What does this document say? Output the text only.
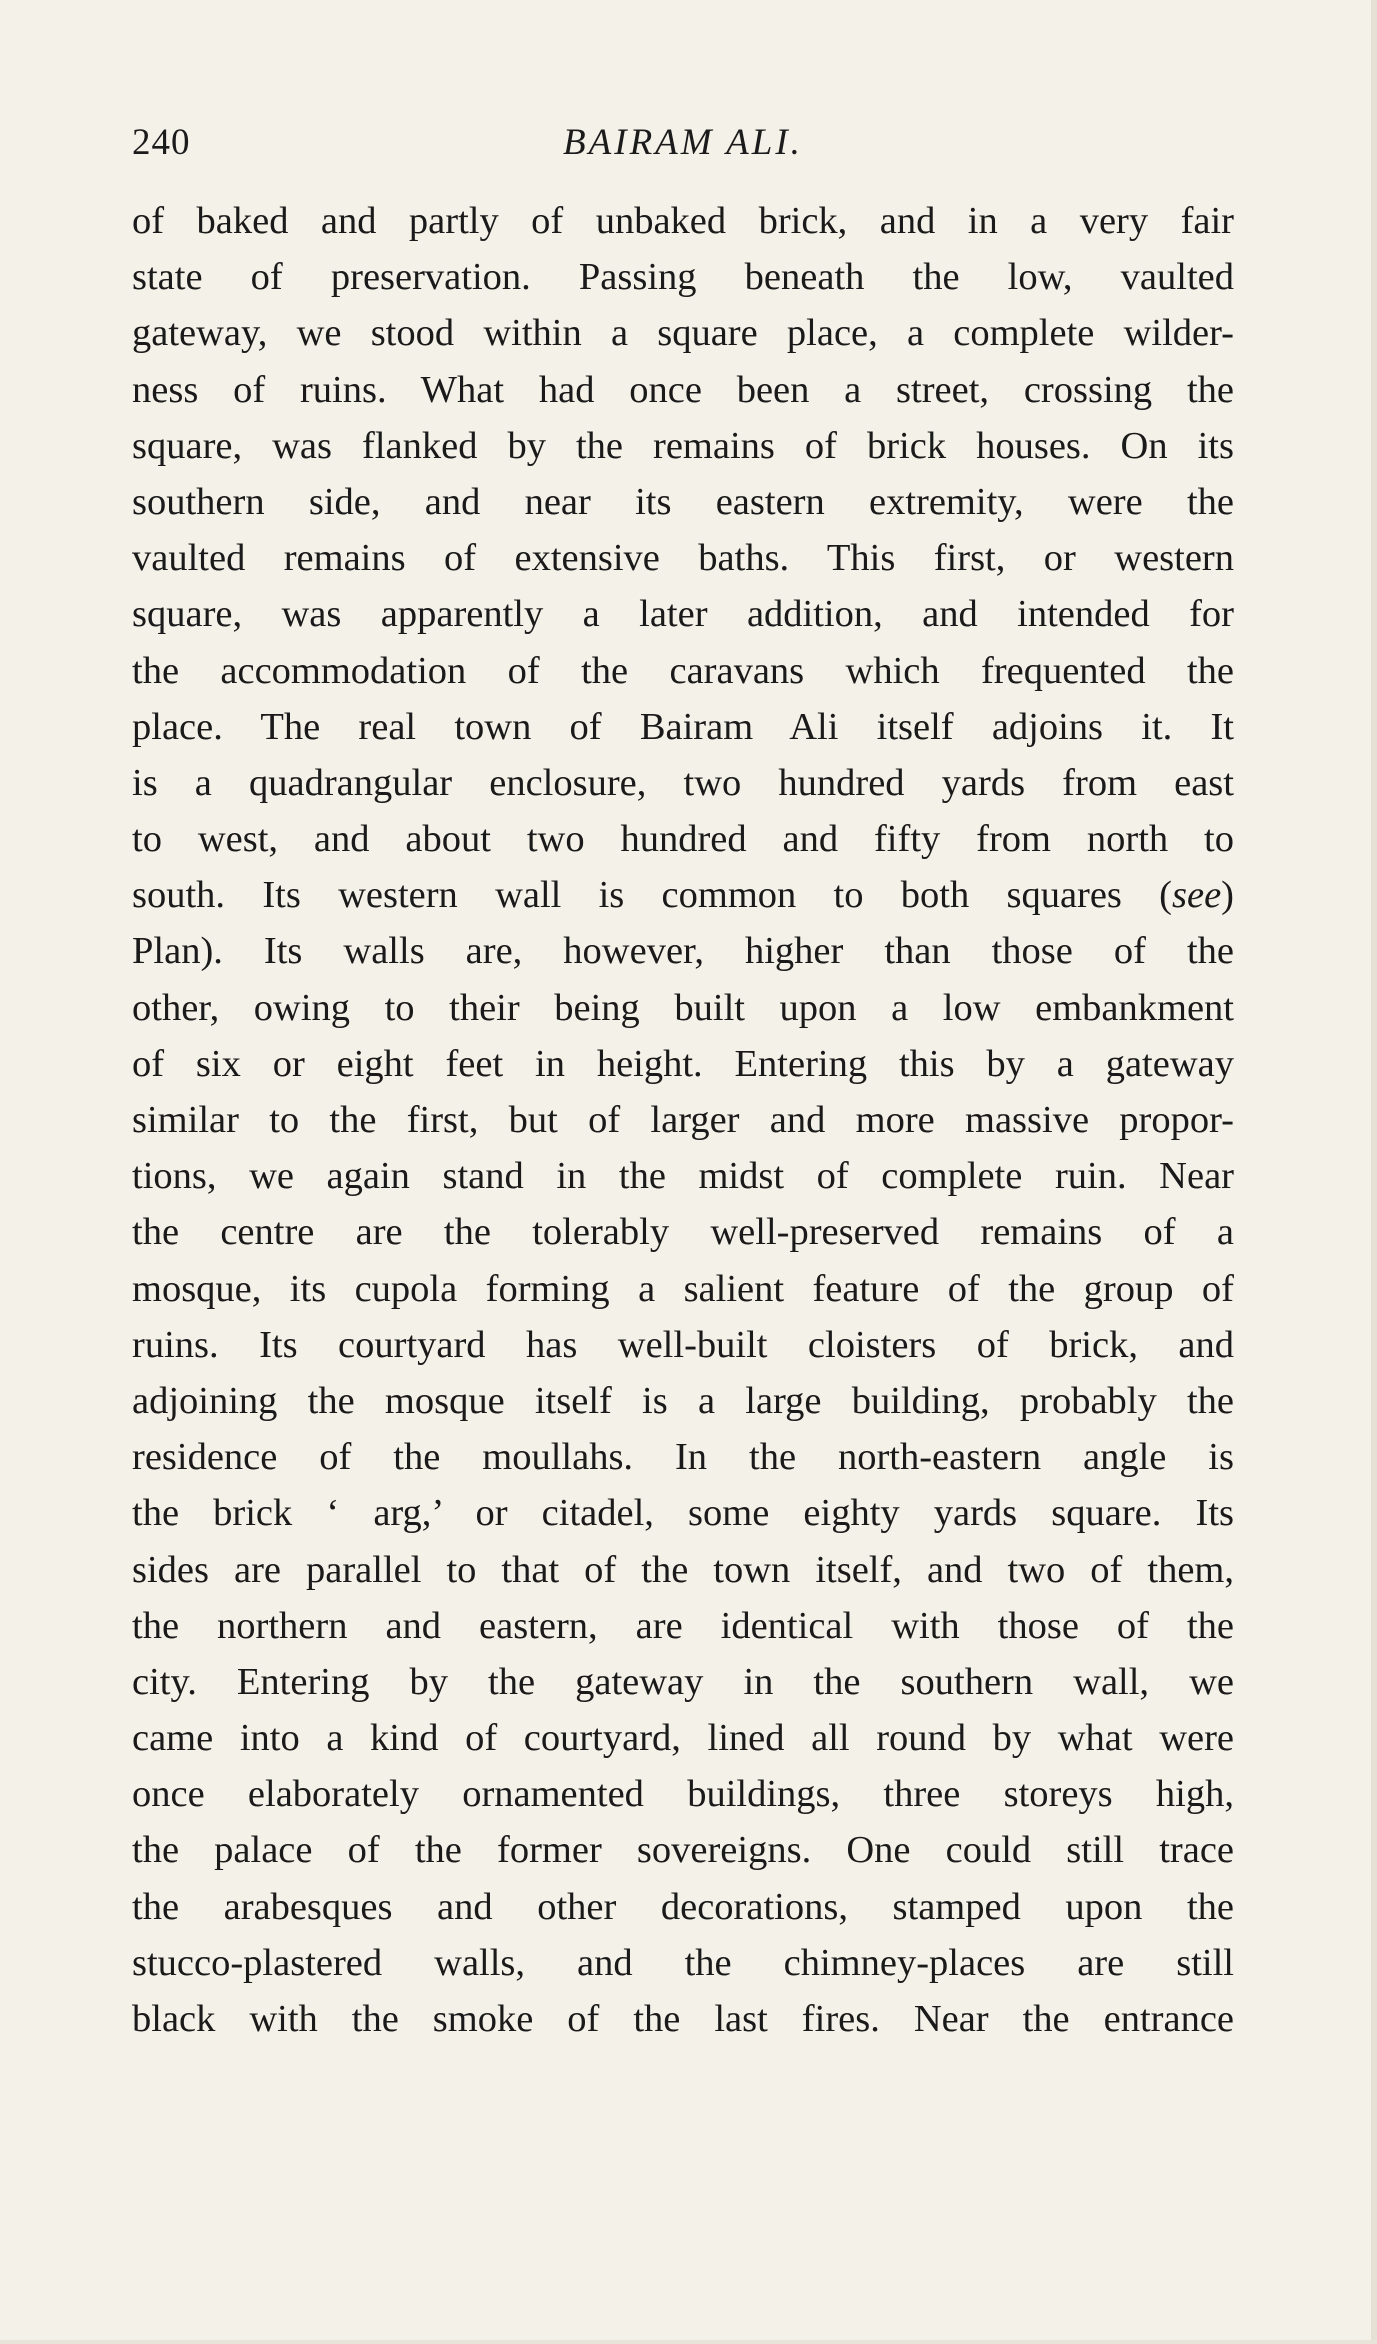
240	BAIRAM ALI.
of baked and partly of unbaked brick, and in a very fair
state of preservation. Passing beneath the low, vaulted
gateway, we stood within a square place, a complete wilder-
ness of ruins. What had once been a street, crossing the
square, was flanked by the remains of brick houses. On its
southern side, and near its eastern extremity, were the
vaulted remains of extensive baths. This first, or western
square, was apparently a later addition, and intended for
the accommodation of the caravans which frequented the
place. The real town of Bairam Ali itself adjoins it. It
is a quadrangular enclosure, two hundred yards from east
to west, and about two hundred and fifty from north to
south. Its western wall is common to both squares (see)
Plan). Its walls are, however, higher than those of the
other, owing to their being built upon a low embankment
of six or eight feet in height. Entering this by a gateway
similar to the first, but of larger and more massive propor-
tions, we again stand in the midst of complete ruin. Near
the centre are the tolerably well-preserved remains of a
mosque, its cupola forming a salient feature of the group of
ruins. Its courtyard has well-built cloisters of brick, and
adjoining the mosque itself is a large building, probably the
residence of the moullahs. In the north-eastern angle is
the brick ‘ arg,’ or citadel, some eighty yards square. Its
sides are parallel to that of the town itself, and two of them,
the northern and eastern, are identical with those of the
city. Entering by the gateway in the southern wall, we
came into a kind of courtyard, lined all round by what were
once elaborately ornamented buildings, three storeys high,
the palace of the former sovereigns. One could still trace
the arabesques and other decorations, stamped upon the
stucco-plastered walls, and the chimney-places are still
black with the smoke of the last fires. Near the entrance
